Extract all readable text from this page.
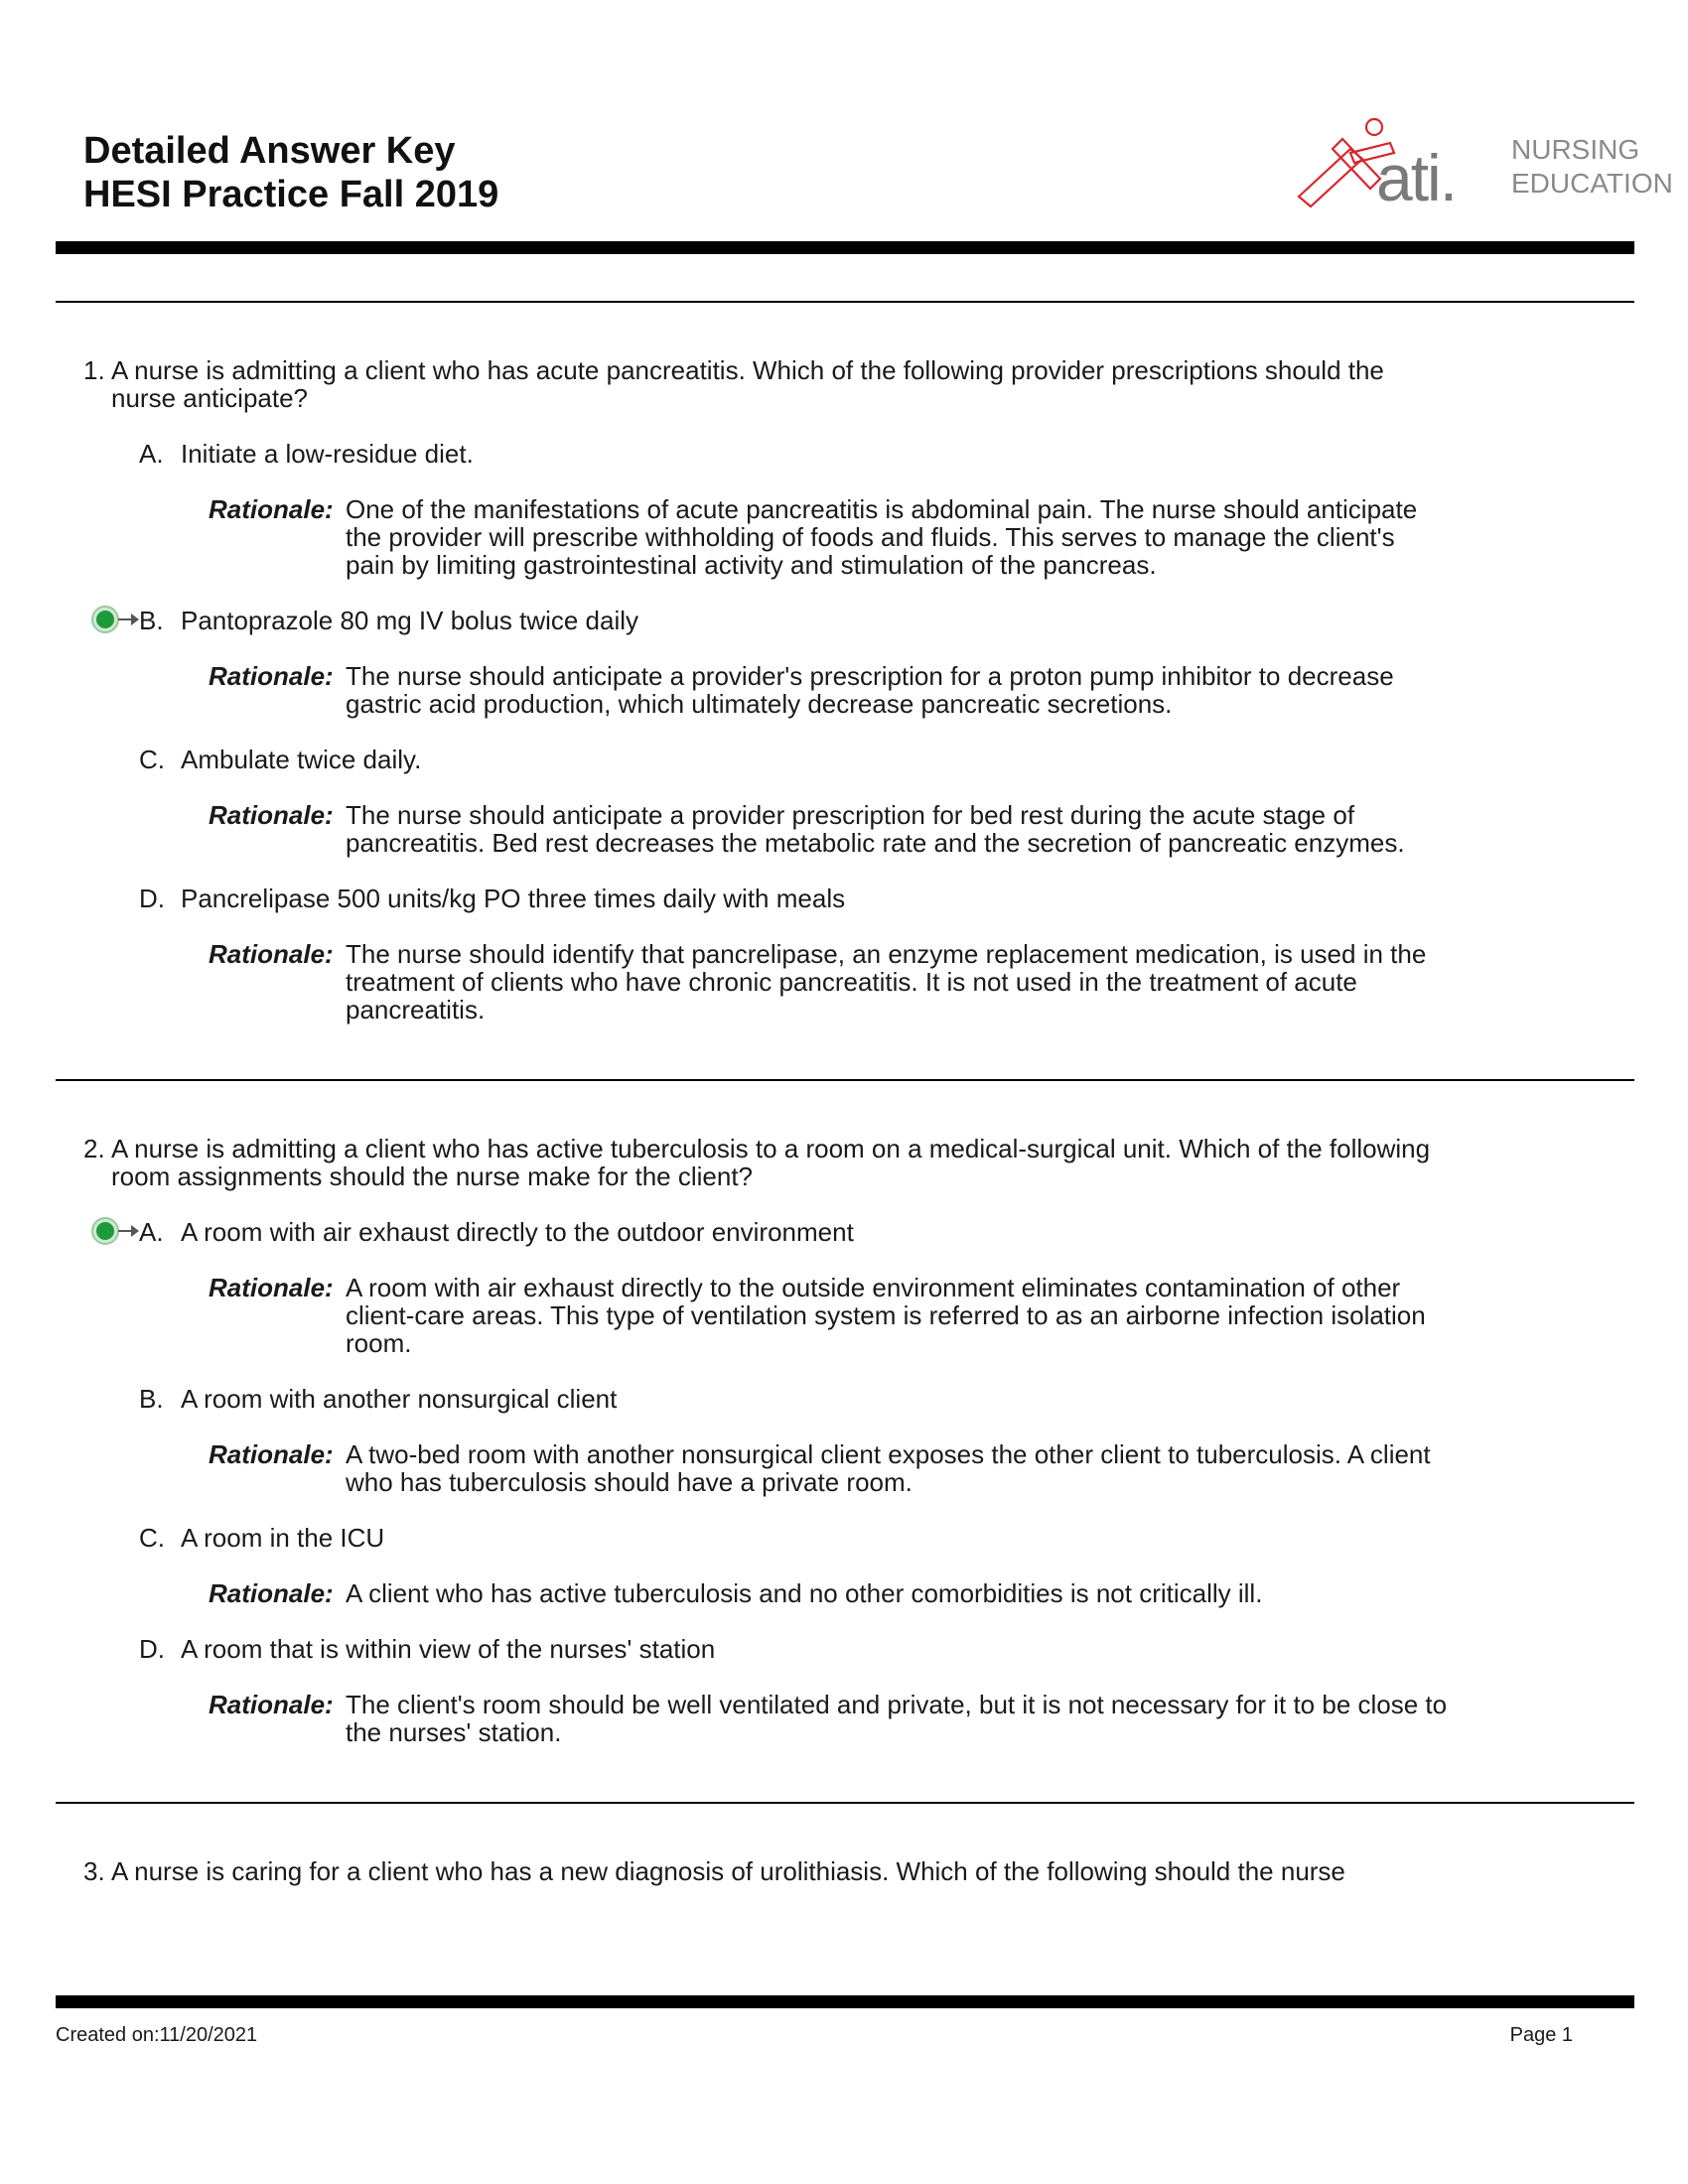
Detailed Answer Key
HESI Practice Fall 2019	ati. NURSING
EDUCATION
1. A nurse is admitting a client who has acute pancreatitis. Which of the following provider prescriptions should the
nurse anticipate?
A. Initiate a low-residue diet.
Rationale: One of the manifestations of acute pancreatitis is abdominal pain. The nurse should anticipate
the provider will prescribe withholding of foods and fluids. This serves to manage the client's
pain by limiting gastrointestinal activity and stimulation of the pancreas.
B. Pantoprazole 80 mg IV bolus twice daily
Rationale: The nurse should anticipate a provider's prescription for a proton pump inhibitor to decrease
gastric acid production, which ultimately decrease pancreatic secretions.
C. Ambulate twice daily.
Rationale: The nurse should anticipate a provider prescription for bed rest during the acute stage of
pancreatitis. Bed rest decreases the metabolic rate and the secretion of pancreatic enzymes.
D. Pancrelipase 500 units/kg PO three times daily with meals
Rationale: The nurse should identify that pancrelipase, an enzyme replacement medication, is used in the
treatment of clients who have chronic pancreatitis. It is not used in the treatment of acute
pancreatitis.
2. A nurse is admitting a client who has active tuberculosis to a room on a medical-surgical unit. Which of the following
room assignments should the nurse make for the client?
A. A room with air exhaust directly to the outdoor environment
Rationale: A room with air exhaust directly to the outside environment eliminates contamination of other
client-care areas. This type of ventilation system is referred to as an airborne infection isolation
room.
B. A room with another nonsurgical client
Rationale: A two-bed room with another nonsurgical client exposes the other client to tuberculosis. A client
who has tuberculosis should have a private room.
C. A room in the ICU
Rationale: A client who has active tuberculosis and no other comorbidities is not critically ill.
D. A room that is within view of the nurses' station
Rationale: The client's room should be well ventilated and private, but it is not necessary for it to be close to
the nurses' station.
3. A nurse is caring for a client who has a new diagnosis of urolithiasis. Which of the following should the nurse
Created on:11/20/2021	Page 1
